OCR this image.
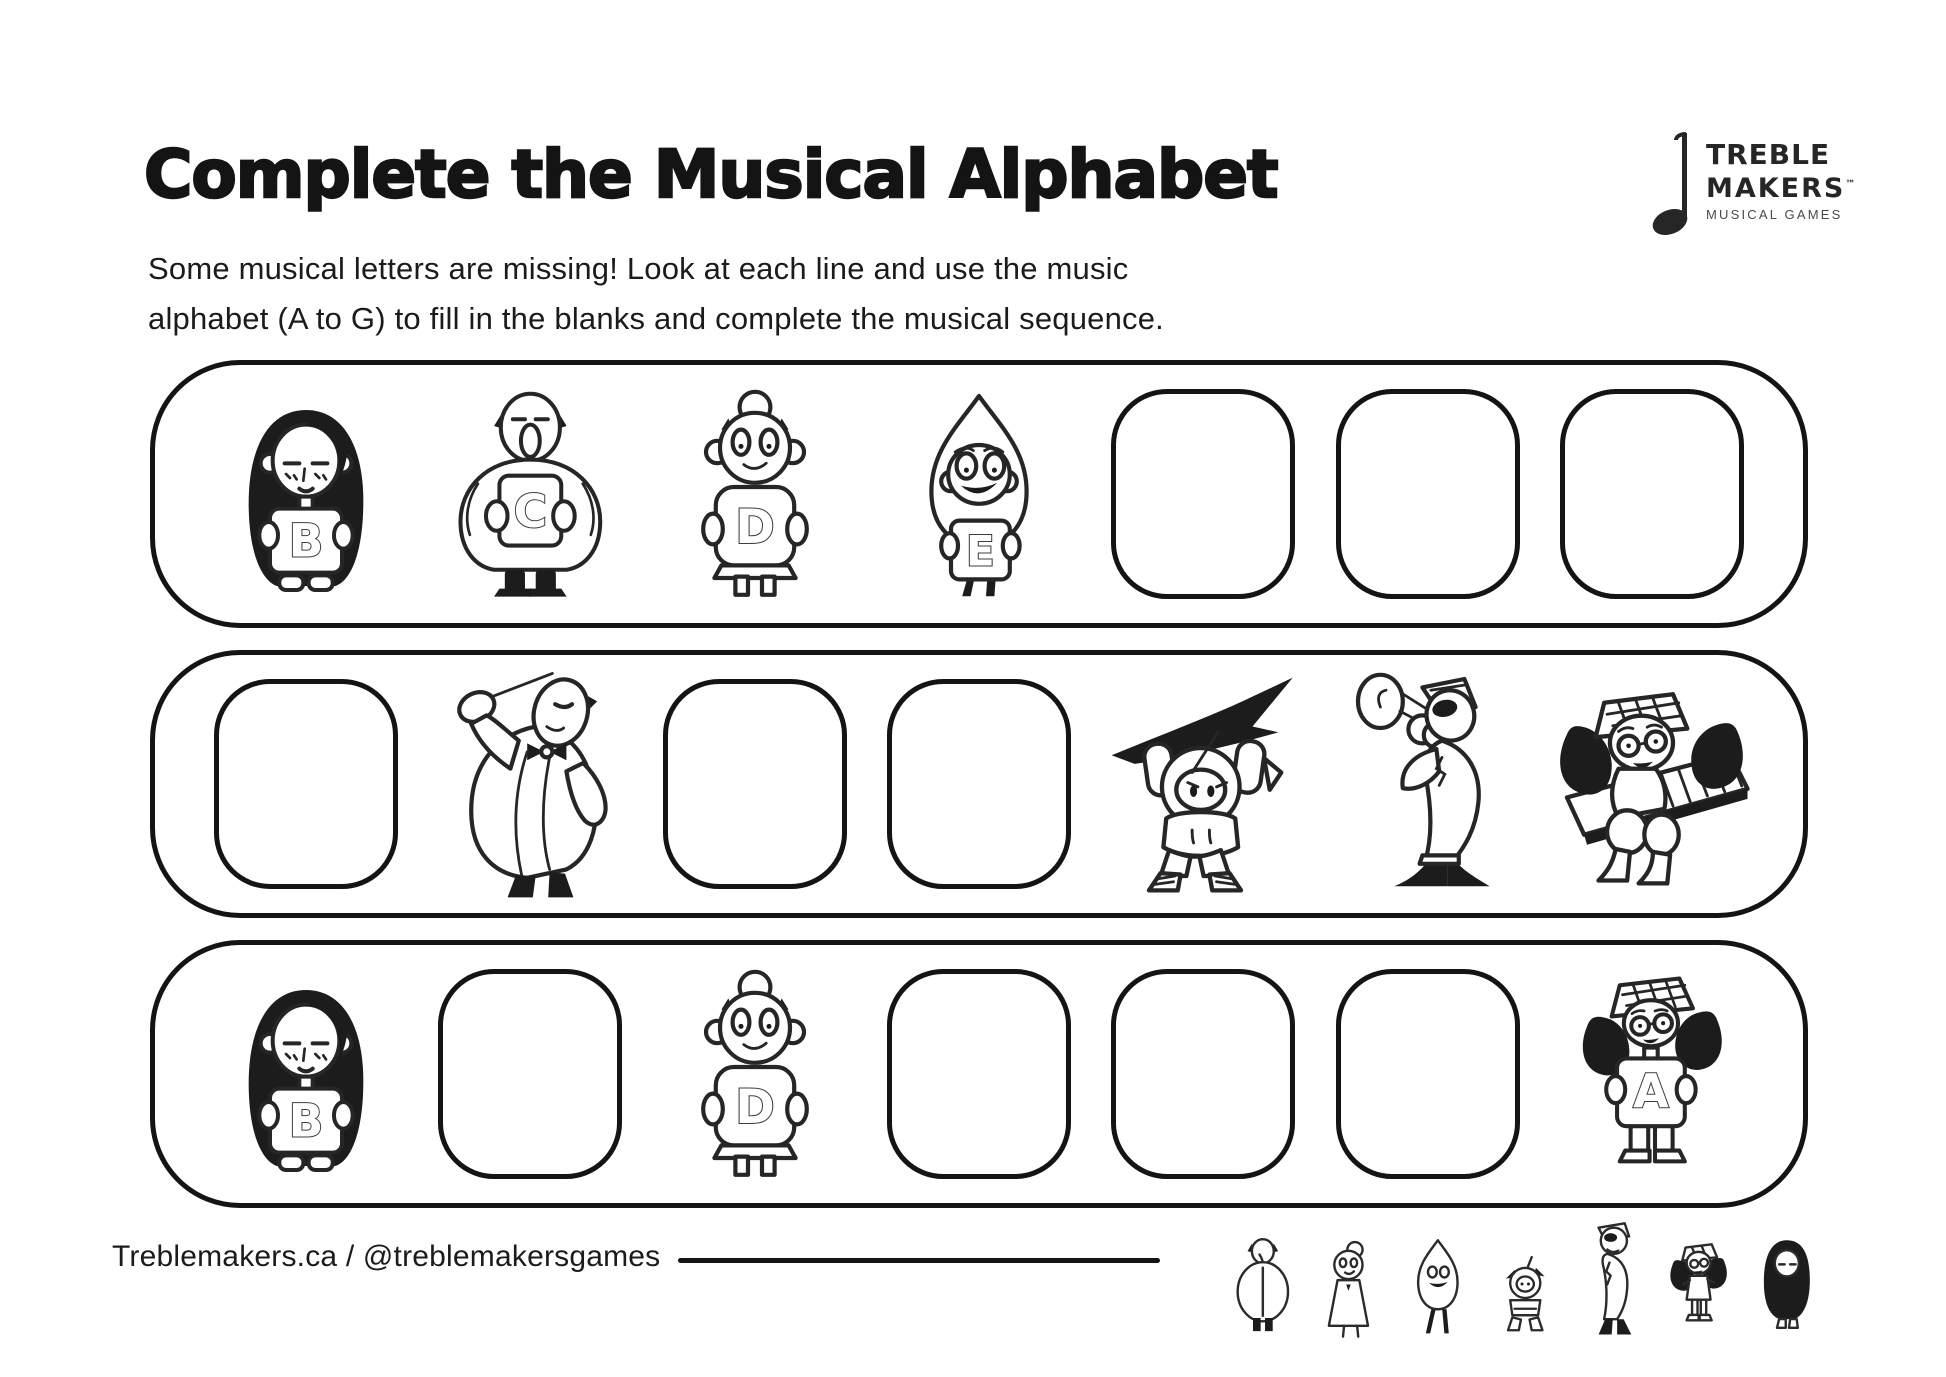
Complete the Musical Alphabet	TREBLE
MAKERS™
MUSICAL GAMES
Some musical letters are missing! Look at each line and use the music
alphabet (A to G) to fill in the blanks and complete the musical sequence.
B
C	D	E
B	D	A
Treblemakers.ca / @treblemakersgames
